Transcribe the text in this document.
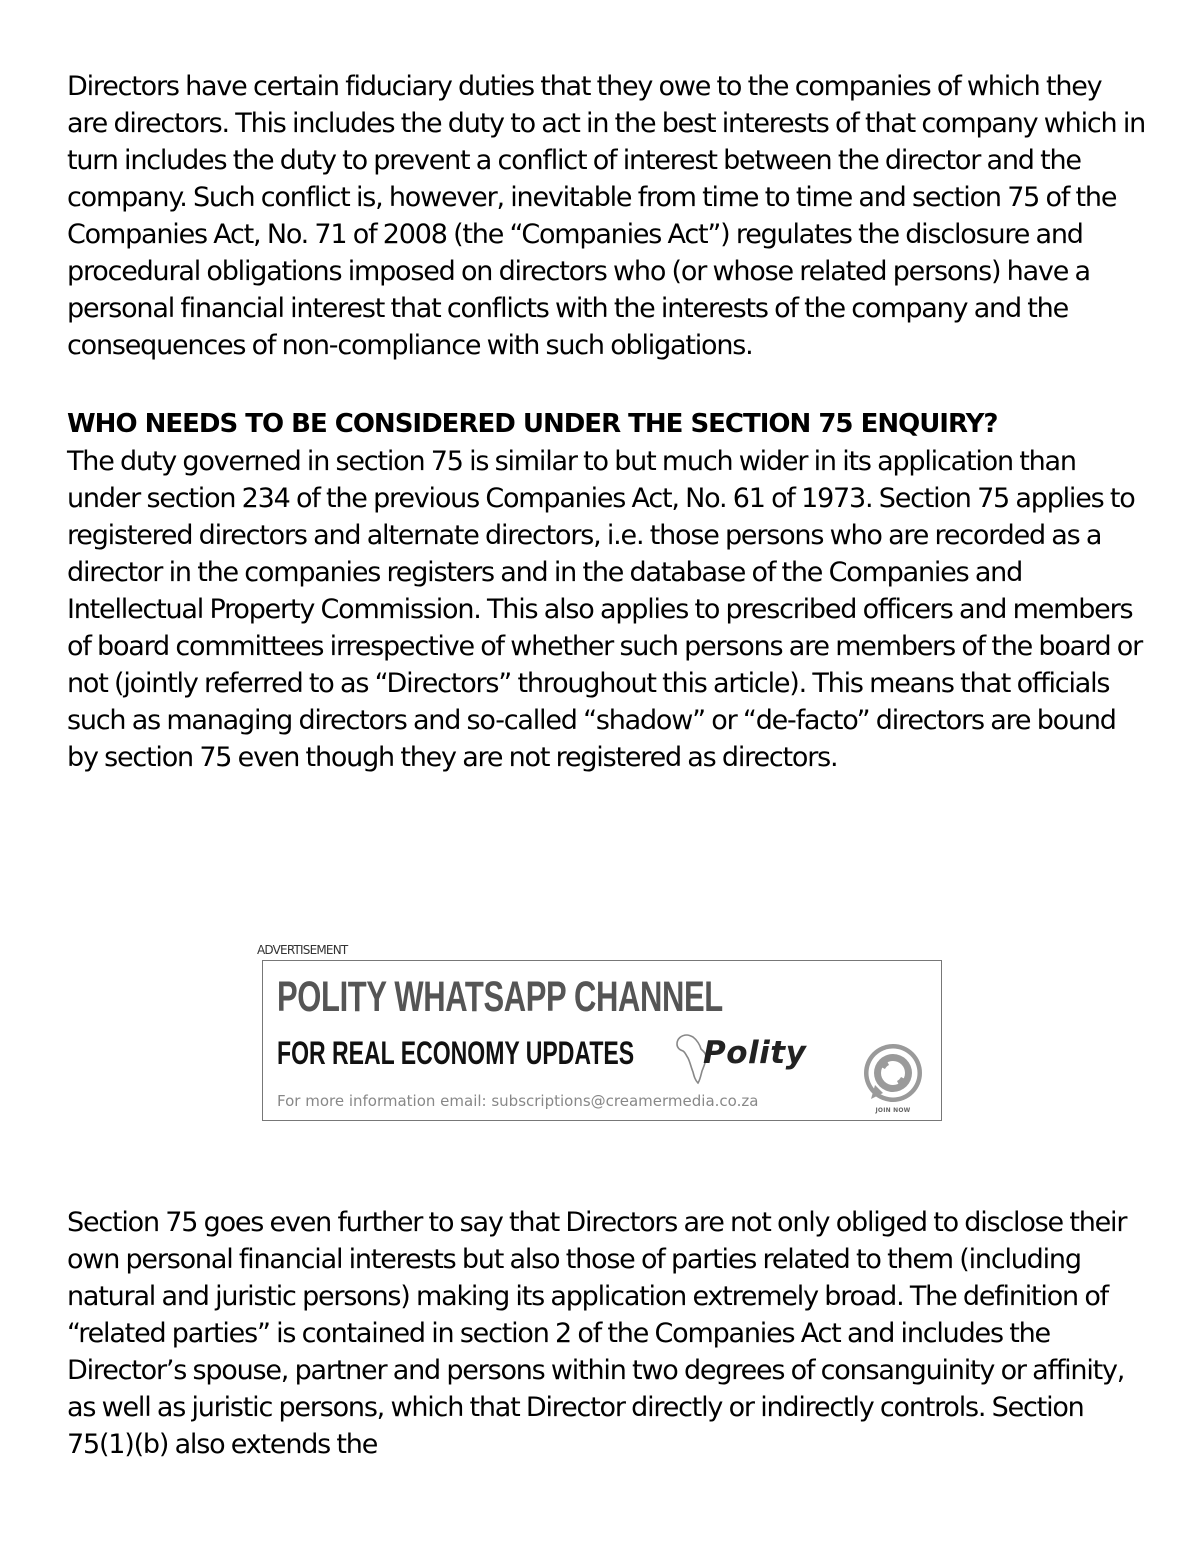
Directors have certain fiduciary duties that they owe to the companies of which they are directors. This includes the duty to act in the best interests of that company which in turn includes the duty to prevent a conflict of interest between the director and the company. Such conflict is, however, inevitable from time to time and section 75 of the Companies Act, No. 71 of 2008 (the “Companies Act”) regulates the disclosure and procedural obligations imposed on directors who (or whose related persons) have a personal financial interest that conflicts with the interests of the company and the consequences of non-compliance with such obligations.

WHO NEEDS TO BE CONSIDERED UNDER THE SECTION 75 ENQUIRY?

The duty governed in section 75 is similar to but much wider in its application than under section 234 of the previous Companies Act, No. 61 of 1973. Section 75 applies to registered directors and alternate directors, i.e. those persons who are recorded as a director in the companies registers and in the database of the Companies and Intellectual Property Commission. This also applies to prescribed officers and members of board committees irrespective of whether such persons are members of the board or not (jointly referred to as “Directors” throughout this article). This means that officials such as managing directors and so-called “shadow” or “de-facto” directors are bound by section 75 even though they are not registered as directors.

ADVERTISEMENT
POLITY WHATSAPP CHANNEL
FOR REAL ECONOMY UPDATES Polity
For more information email: subscriptions@creamermedia.co.za
JOIN NOW

Section 75 goes even further to say that Directors are not only obliged to disclose their own personal financial interests but also those of parties related to them (including natural and juristic persons) making its application extremely broad. The definition of “related parties” is contained in section 2 of the Companies Act and includes the Director’s spouse, partner and persons within two degrees of consanguinity or affinity, as well as juristic persons, which that Director directly or indirectly controls. Section 75(1)(b) also extends the
